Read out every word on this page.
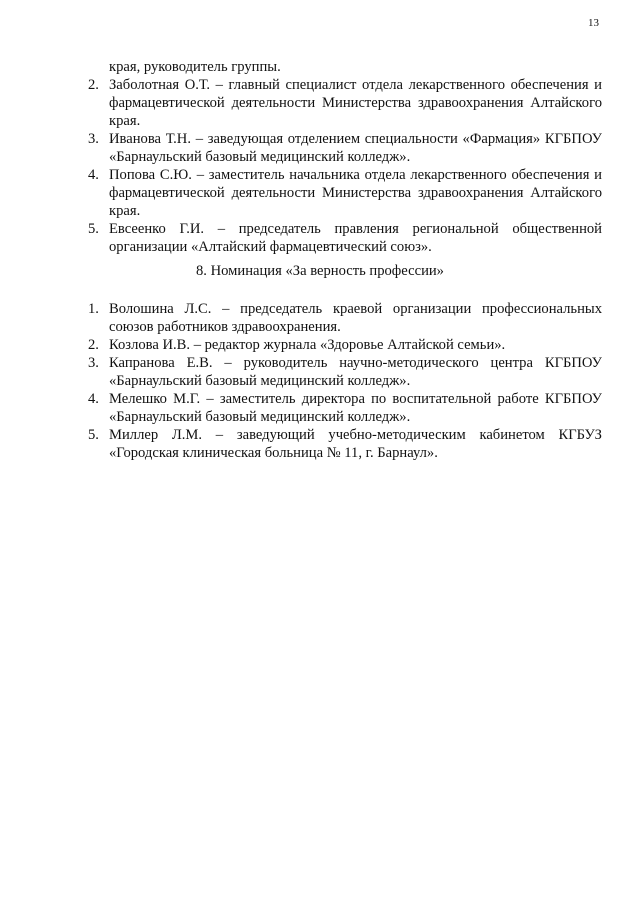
13
края, руководитель группы.
2. Заболотная О.Т. – главный специалист отдела лекарственного обеспечения и фармацевтической деятельности Министерства здравоохранения Алтайского края.
3. Иванова Т.Н. – заведующая отделением специальности «Фармация» КГБПОУ «Барнаульский базовый медицинский колледж».
4. Попова С.Ю. – заместитель начальника отдела лекарственного обеспечения и фармацевтической деятельности Министерства здравоохранения Алтайского края.
5. Евсеенко Г.И. – председатель правления региональной общественной организации «Алтайский фармацевтический союз».
8. Номинация «За верность профессии»
1. Волошина Л.С. – председатель краевой организации профессиональных союзов работников здравоохранения.
2. Козлова И.В. – редактор журнала «Здоровье Алтайской семьи».
3. Капранова Е.В. – руководитель научно-методического центра КГБПОУ «Барнаульский базовый медицинский колледж».
4. Мелешко М.Г. – заместитель директора по воспитательной работе КГБПОУ «Барнаульский базовый медицинский колледж».
5. Миллер Л.М. – заведующий учебно-методическим кабинетом КГБУЗ «Городская клиническая больница № 11, г. Барнаул».
